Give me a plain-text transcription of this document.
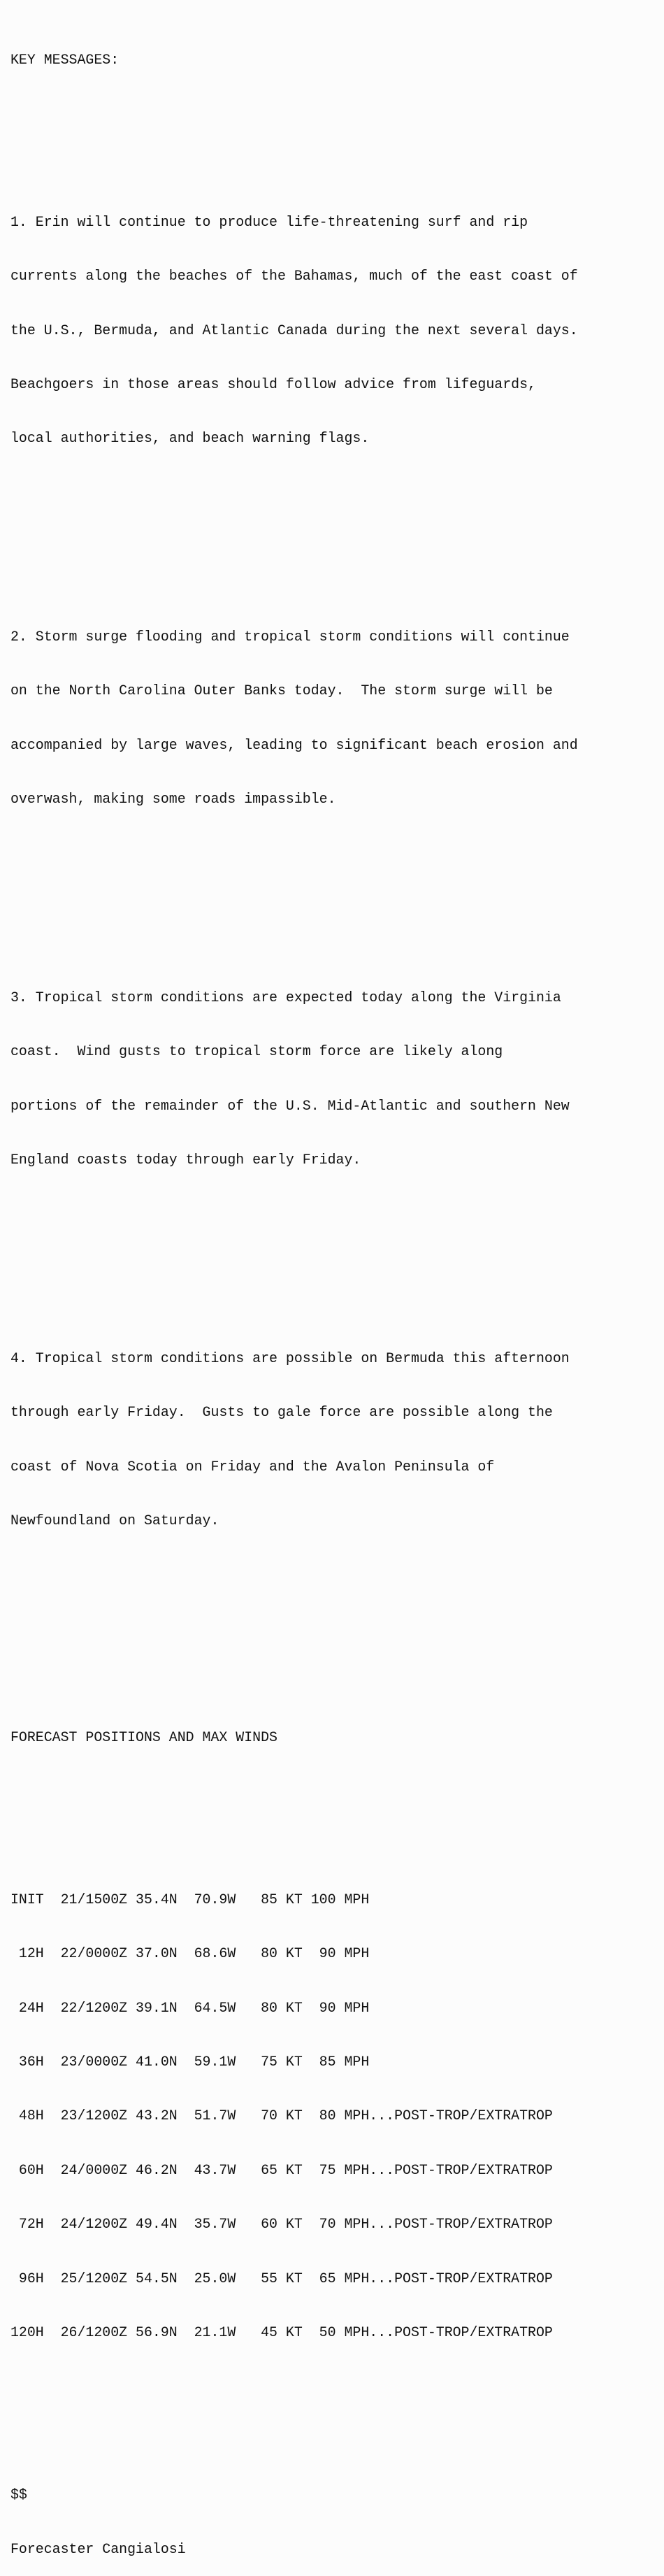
KEY MESSAGES:

1. Erin will continue to produce life-threatening surf and rip

currents along the beaches of the Bahamas, much of the east coast of

the U.S., Bermuda, and Atlantic Canada during the next several days.

Beachgoers in those areas should follow advice from lifeguards,

local authorities, and beach warning flags.

2. Storm surge flooding and tropical storm conditions will continue

on the North Carolina Outer Banks today.  The storm surge will be

accompanied by large waves, leading to significant beach erosion and

overwash, making some roads impassible.

3. Tropical storm conditions are expected today along the Virginia

coast.  Wind gusts to tropical storm force are likely along

portions of the remainder of the U.S. Mid-Atlantic and southern New

England coasts today through early Friday.

4. Tropical storm conditions are possible on Bermuda this afternoon

through early Friday.  Gusts to gale force are possible along the

coast of Nova Scotia on Friday and the Avalon Peninsula of

Newfoundland on Saturday.

FORECAST POSITIONS AND MAX WINDS

INIT  21/1500Z 35.4N  70.9W   85 KT 100 MPH

12H  22/0000Z 37.0N  68.6W   80 KT  90 MPH

24H  22/1200Z 39.1N  64.5W   80 KT  90 MPH

36H  23/0000Z 41.0N  59.1W   75 KT  85 MPH

48H  23/1200Z 43.2N  51.7W   70 KT  80 MPH...POST-TROP/EXTRATROP

60H  24/0000Z 46.2N  43.7W   65 KT  75 MPH...POST-TROP/EXTRATROP

72H  24/1200Z 49.4N  35.7W   60 KT  70 MPH...POST-TROP/EXTRATROP

96H  25/1200Z 54.5N  25.0W   55 KT  65 MPH...POST-TROP/EXTRATROP

120H  26/1200Z 56.9N  21.1W   45 KT  50 MPH...POST-TROP/EXTRATROP

$$

Forecaster Cangialosi
